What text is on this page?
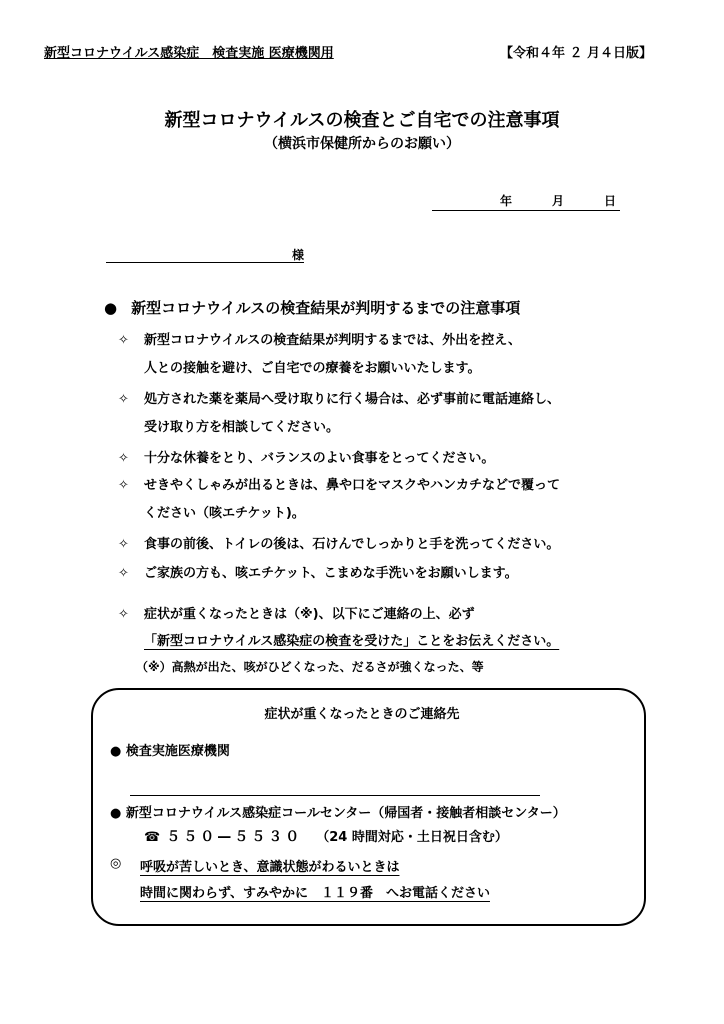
新型コロナウイルス感染症　検査実施 医療機関用	【令和４年 ２ 月４日版】
新型コロナウイルスの検査とご自宅での注意事項
（横浜市保健所からのお願い）
年	月	日
様
● 新型コロナウイルスの検査結果が判明するまでの注意事項
✧ 新型コロナウイルスの検査結果が判明するまでは、外出を控え、
人との接触を避け、ご自宅での療養をお願いいたします。
✧ 処方された薬を薬局へ受け取りに行く場合は、必ず事前に電話連絡し、
受け取り方を相談してください。
✧ 十分な休養をとり、バランスのよい食事をとってください。
✧ せきやくしゃみが出るときは、鼻や口をマスクやハンカチなどで覆って
ください（咳エチケット)。
✧ 食事の前後、トイレの後は、石けんでしっかりと手を洗ってください。
✧ ご家族の方も、咳エチケット、こまめな手洗いをお願いします。
✧ 症状が重くなったときは（※)、以下にご連絡の上、必ず
「新型コロナウイルス感染症の検査を受けた」ことをお伝えください。
（※）高熱が出た、咳がひどくなった、だるさが強くなった、等
症状が重くなったときのご連絡先
● 検査実施医療機関
● 新型コロナウイルス感染症コールセンター（帰国者・接触者相談センター）
☎ ５５０—５５３０ （24 時間対応・土日祝日含む）
◎ 呼吸が苦しいとき、意識状態がわるいときは
時間に関わらず、すみやかに　１１９番　へお電話ください
